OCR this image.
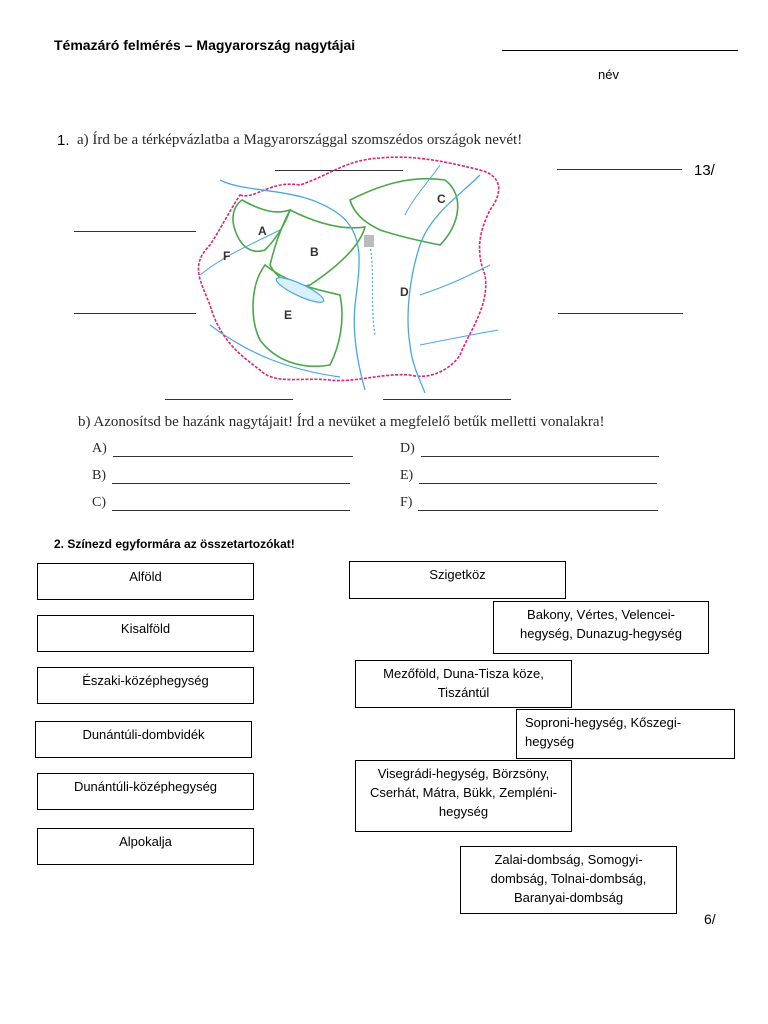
Témazáró felmérés – Magyarország nagytájai
név
1. a) Írd be a térképvázlatba a Magyarországgal szomszédos országok nevét!
13/
A
B
C
D
E
F
b) Azonosítsd be hazánk nagytájait! Írd a nevüket a megfelelő betűk melletti vonalakra!
A)
B)
C)
D)
E)
F)
2. Színezd egyformára az összetartozókat!
Alföld
Kisalföld
Északi-középhegység
Dunántúli-dombvidék
Dunántúli-középhegység
Alpokalja
Szigetköz
Bakony, Vértes, Velencei-hegység, Dunazug-hegység
Mezőföld, Duna-Tisza köze, Tiszántúl
Soproni-hegység, Kőszegi-hegység
Visegrádi-hegység, Börzsöny, Cserhát, Mátra, Bükk, Zempléni-hegység
Zalai-dombság, Somogyi-dombság, Tolnai-dombság, Baranyai-dombság
6/
